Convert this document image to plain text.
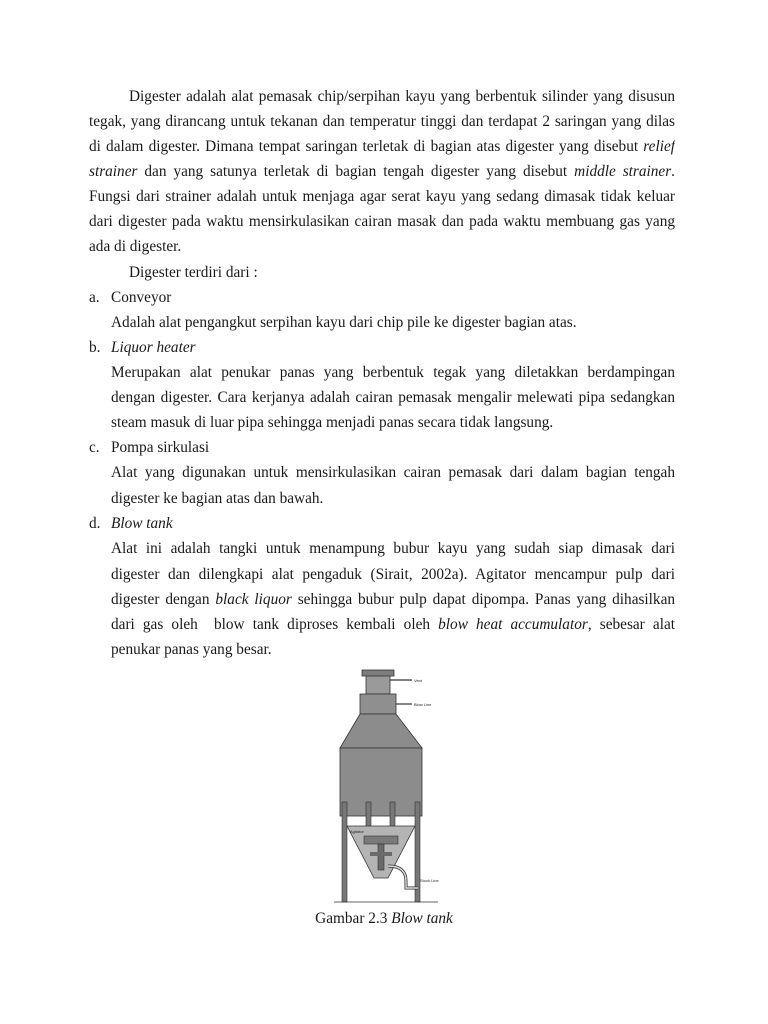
Digester adalah alat pemasak chip/serpihan kayu yang berbentuk silinder yang disusun
tegak, yang dirancang untuk tekanan dan temperatur tinggi dan terdapat 2 saringan yang dilas
di dalam digester. Dimana tempat saringan terletak di bagian atas digester yang disebut relief
strainer dan yang satunya terletak di bagian tengah digester yang disebut middle strainer.
Fungsi dari strainer adalah untuk menjaga agar serat kayu yang sedang dimasak tidak keluar
dari digester pada waktu mensirkulasikan cairan masak dan pada waktu membuang gas yang
ada di digester.
Digester terdiri dari :
a. Conveyor
Adalah alat pengangkut serpihan kayu dari chip pile ke digester bagian atas.
b. Liquor heater
Merupakan alat penukar panas yang berbentuk tegak yang diletakkan berdampingan
dengan digester. Cara kerjanya adalah cairan pemasak mengalir melewati pipa sedangkan
steam masuk di luar pipa sehingga menjadi panas secara tidak langsung.
c. Pompa sirkulasi
Alat yang digunakan untuk mensirkulasikan cairan pemasak dari dalam bagian tengah
digester ke bagian atas dan bawah.
d. Blow tank
Alat ini adalah tangki untuk menampung bubur kayu yang sudah siap dimasak dari
digester dan dilengkapi alat pengaduk (Sirait, 2002a). Agitator mencampur pulp dari
digester dengan black liquor sehingga bubur pulp dapat dipompa. Panas yang dihasilkan
dari gas oleh  blow tank diproses kembali oleh blow heat accumulator, sebesar alat
penukar panas yang besar.
Vent
Blow Line
Agitator
Stock Line
Gambar 2.3 Blow tank
